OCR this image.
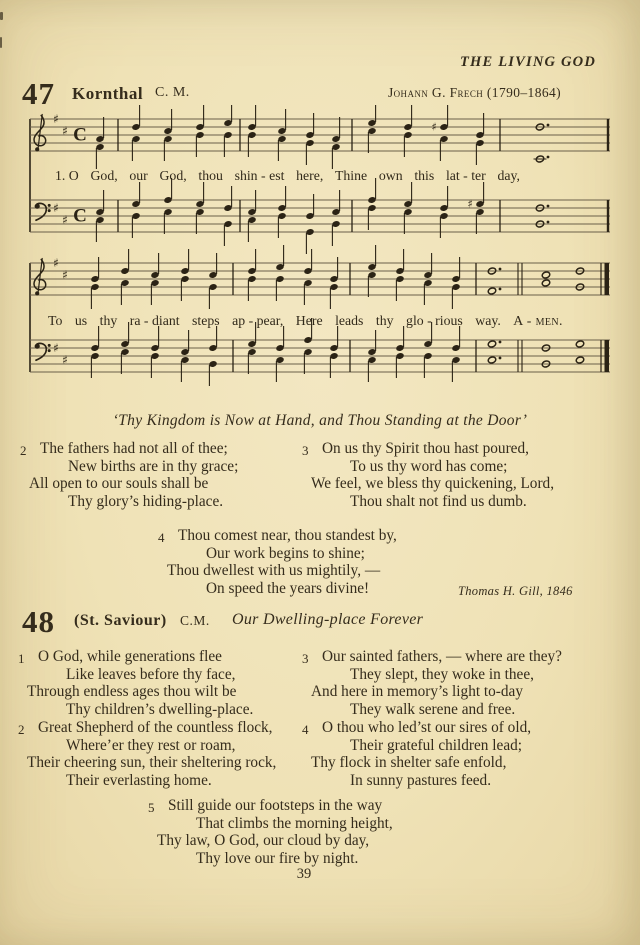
THE LIVING GOD
47 Kornthal C. M.	Johann G. Frech (1790–1864)
♯
♯ C	♯
♯
♯ C
♯
♯
♯
♯
♯
1. O God, our God, thou shin - est here, Thine own this lat - ter day,
To us thy ra - diant steps ap - pear, Here leads thy glo - rious way. A - men.
‘Thy Kingdom is Now at Hand, and Thou Standing at the Door’
2 The fathers had not all of thee;
New births are in thy grace;
All open to our souls shall be
Thy glory’s hiding-place.
3 On us thy Spirit thou hast poured,
To us thy word has come;
We feel, we bless thy quickening, Lord,
Thou shalt not find us dumb.
4 Thou comest near, thou standest by,
Our work begins to shine;
Thou dwellest with us mightily, —
On speed the years divine!	Thomas H. Gill, 1846
48 (St. Saviour) C.M. Our Dwelling-place Forever
1 O God, while generations flee
Like leaves before thy face,
Through endless ages thou wilt be
Thy children’s dwelling-place.
2 Great Shepherd of the countless flock,
Where’er they rest or roam,
Their cheering sun, their sheltering rock,
Their everlasting home.
3 Our sainted fathers, — where are they?
They slept, they woke in thee,
And here in memory’s light to-day
They walk serene and free.
4 O thou who led’st our sires of old,
Their grateful children lead;
Thy flock in shelter safe enfold,
In sunny pastures feed.
5 Still guide our footsteps in the way
That climbs the morning height,
Thy law, O God, our cloud by day,
Thy love our fire by night.
39
